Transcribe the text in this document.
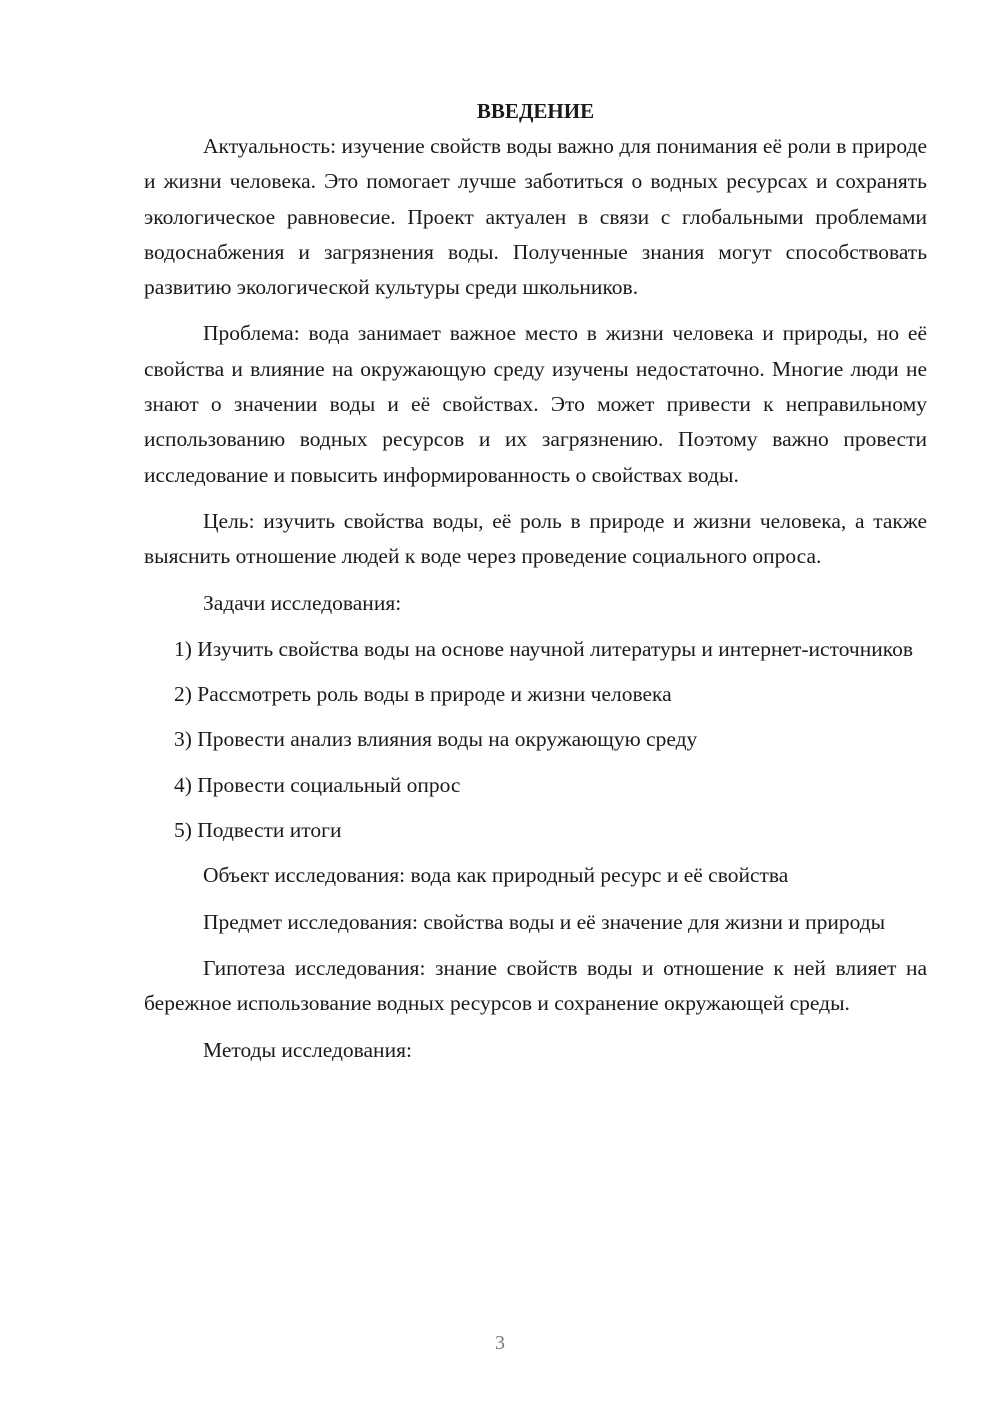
ВВЕДЕНИЕ

Актуальность: изучение свойств воды важно для понимания её роли в природе и жизни человека. Это помогает лучше заботиться о водных ресурсах и сохранять экологическое равновесие. Проект актуален в связи с глобальными проблемами водоснабжения и загрязнения воды. Полученные знания могут способствовать развитию экологической культуры среди школьников.

Проблема: вода занимает важное место в жизни человека и природы, но её свойства и влияние на окружающую среду изучены недостаточно. Многие люди не знают о значении воды и её свойствах. Это может привести к неправильному использованию водных ресурсов и их загрязнению. Поэтому важно провести исследование и повысить информированность о свойствах воды.

Цель: изучить свойства воды, её роль в природе и жизни человека, а также выяснить отношение людей к воде через проведение социального опроса.

Задачи исследования:

1) Изучить свойства воды на основе научной литературы и интернет-источников

2) Рассмотреть роль воды в природе и жизни человека

3) Провести анализ влияния воды на окружающую среду

4) Провести социальный опрос

5) Подвести итоги

Объект исследования: вода как природный ресурс и её свойства

Предмет исследования: свойства воды и её значение для жизни и природы

Гипотеза исследования: знание свойств воды и отношение к ней влияет на бережное использование водных ресурсов и сохранение окружающей среды.

Методы исследования:

3
